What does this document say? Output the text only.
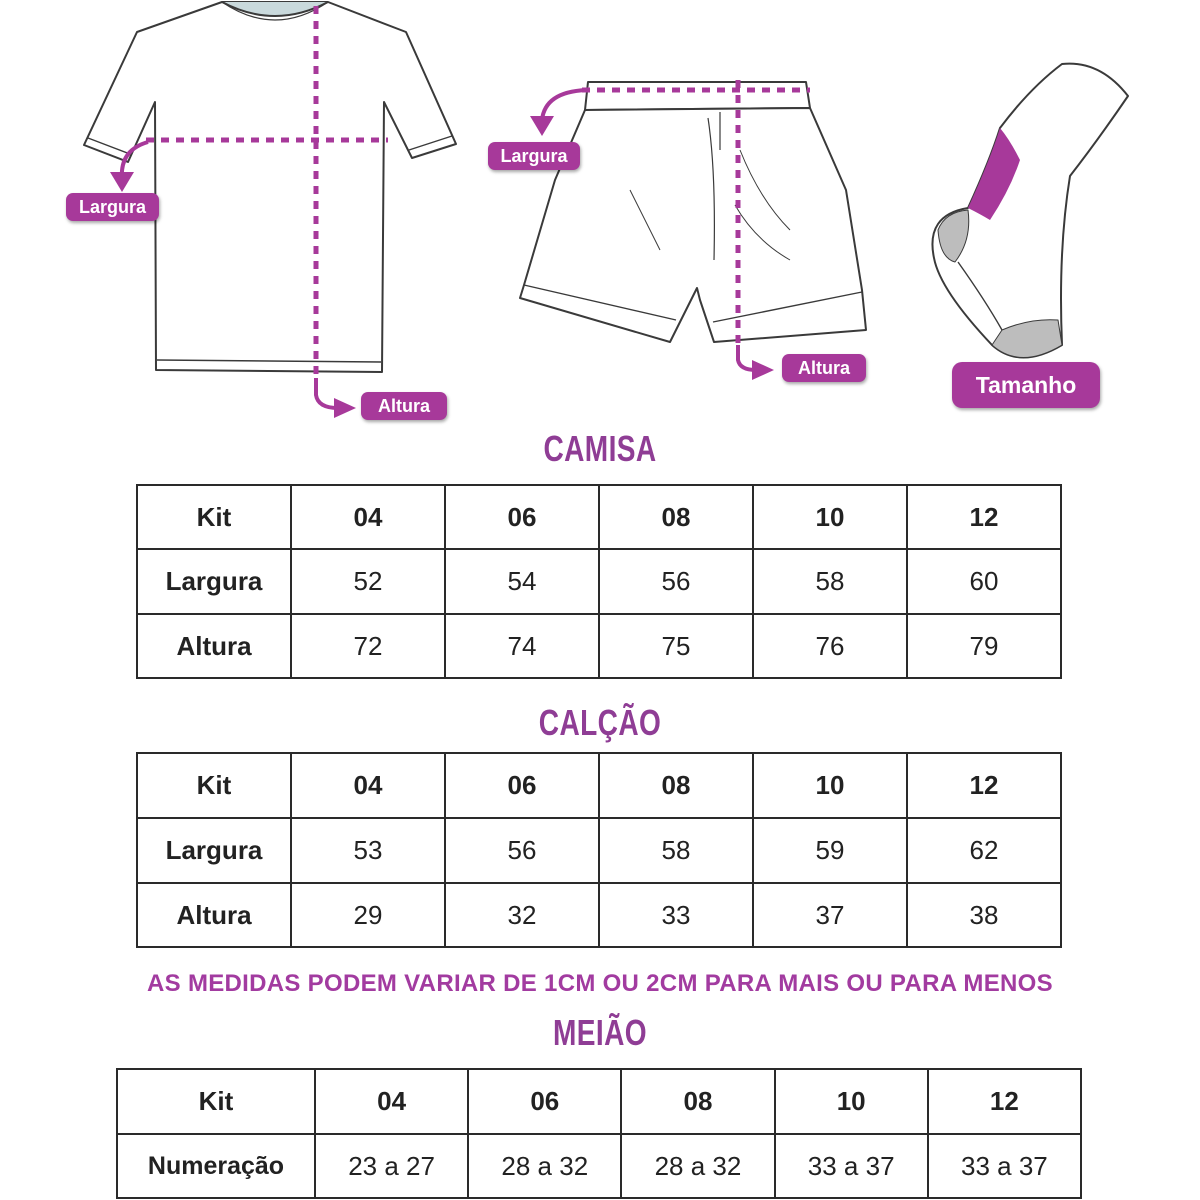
Largura
Altura
Largura
Altura
Tamanho
CAMISA
Kit	04	06	08	10	12
Largura	52	54	56	58	60
Altura	72	74	75	76	79
CALÇÃO
Kit	04	06	08	10	12
Largura	53	56	58	59	62
Altura	29	32	33	37	38
AS MEDIDAS PODEM VARIAR DE 1CM OU 2CM PARA MAIS OU PARA MENOS
MEIÃO
Kit	04	06	08	10	12
Numeração	23 a 27	28 a 32	28 a 32	33 a 37	33 a 37
